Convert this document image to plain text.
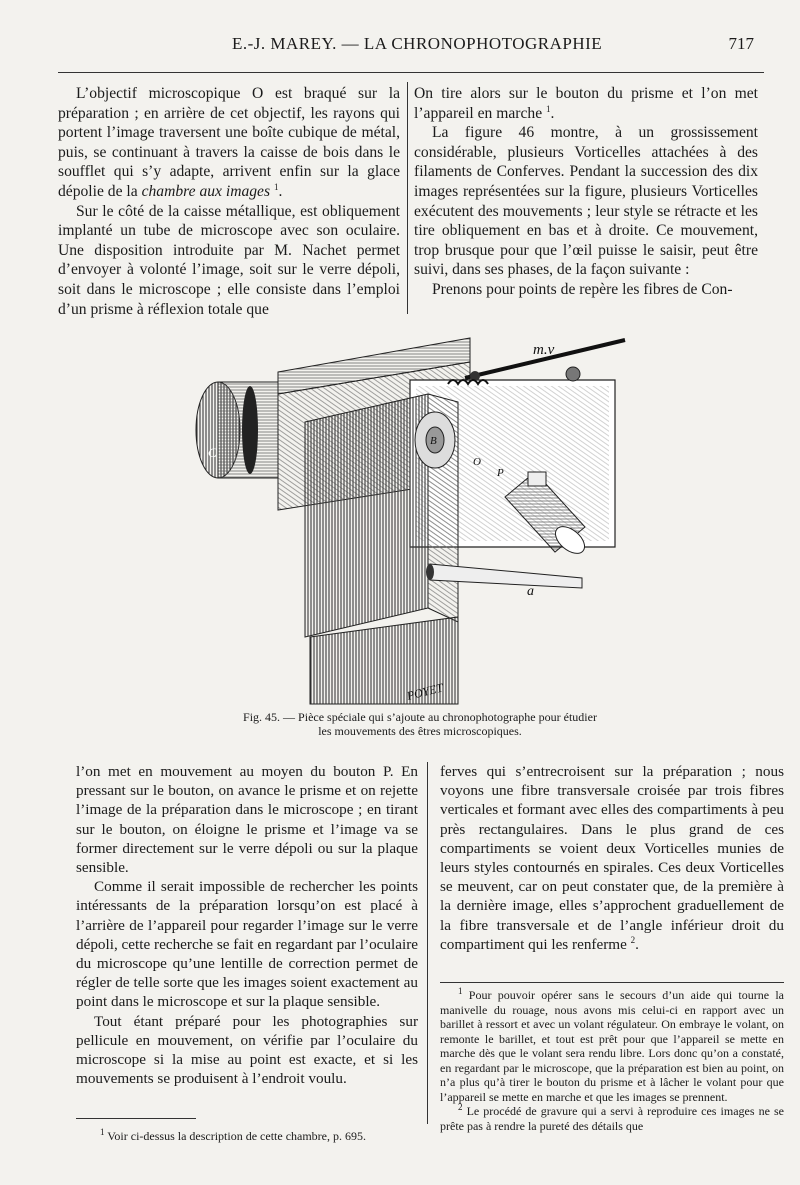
E.-J. MAREY. — LA CHRONOPHOTOGRAPHIE	717

L’objectif microscopique O est braqué sur la préparation ; en arrière de cet objectif, les rayons qui portent l’image traversent une boîte cubique de métal, puis, se continuant à travers la caisse de bois dans le soufflet qui s’y adapte, arrivent enfin sur la glace dépolie de la chambre aux images $^1$.

Sur le côté de la caisse métallique, est obliquement implanté un tube de microscope avec son oculaire. Une disposition introduite par M. Nachet permet d’envoyer à volonté l’image, soit sur le verre dépoli, soit dans le microscope ; elle consiste dans l’emploi d’un prisme à réflexion totale que

On tire alors sur le bouton du prisme et l’on met l’appareil en marche $^1$.

La figure 46 montre, à un grossissement considérable, plusieurs Vorticelles attachées à des filaments de Conferves. Pendant la succession des dix images représentées sur la figure, plusieurs Vorticelles exécutent des mouvements ; leur style se rétracte et les tire obliquement en bas et à droite. Ce mouvement, trop brusque pour que l’œil puisse le saisir, peut être suivi, dans ses phases, de la façon suivante :

Prenons pour points de repère les fibres de Con-

m.v
C
B
O
P
a
POYET
Fig. 45. — Pièce spéciale qui s’ajoute au chronophotographe pour étudier
les mouvements des êtres microscopiques.

l’on met en mouvement au moyen du bouton P. En pressant sur le bouton, on avance le prisme et on rejette l’image de la préparation dans le microscope ; en tirant sur le bouton, on éloigne le prisme et l’image va se former directement sur le verre dépoli ou sur la plaque sensible.

Comme il serait impossible de rechercher les points intéressants de la préparation lorsqu’on est placé à l’arrière de l’appareil pour regarder l’image sur le verre dépoli, cette recherche se fait en regardant par l’oculaire du microscope qu’une lentille de correction permet de régler de telle sorte que les images soient exactement au point dans le microscope et sur la plaque sensible.

Tout étant préparé pour les photographies sur pellicule en mouvement, on vérifie par l’oculaire du microscope si la mise au point est exacte, et si les mouvements se produisent à l’endroit voulu.

ferves qui s’entrecroisent sur la préparation ; nous voyons une fibre transversale croisée par trois fibres verticales et formant avec elles des compartiments à peu près rectangulaires. Dans le plus grand de ces compartiments se voient deux Vorticelles munies de leurs styles contournés en spirales. Ces deux Vorticelles se meuvent, car on peut constater que, de la première à la dernière image, elles s’approchent graduellement de la fibre transversale et de l’angle inférieur droit du compartiment qui les renferme $^2$.

$^1$ Pour pouvoir opérer sans le secours d’un aide qui tourne la manivelle du rouage, nous avons mis celui-ci en rapport avec un barillet à ressort et avec un volant régulateur. On embraye le volant, on remonte le barillet, et tout est prêt pour que l’appareil se mette en marche dès que le volant sera rendu libre. Lors donc qu’on a constaté, en regardant par le microscope, que la préparation est bien au point, on n’a plus qu’à tirer le bouton du prisme et à lâcher le volant pour que l’appareil se mette en marche et que les images se prennent.

$^2$ Le procédé de gravure qui a servi à reproduire ces images ne se prête pas à rendre la pureté des détails que

$^1$ Voir ci-dessus la description de cette chambre, p. 695.
